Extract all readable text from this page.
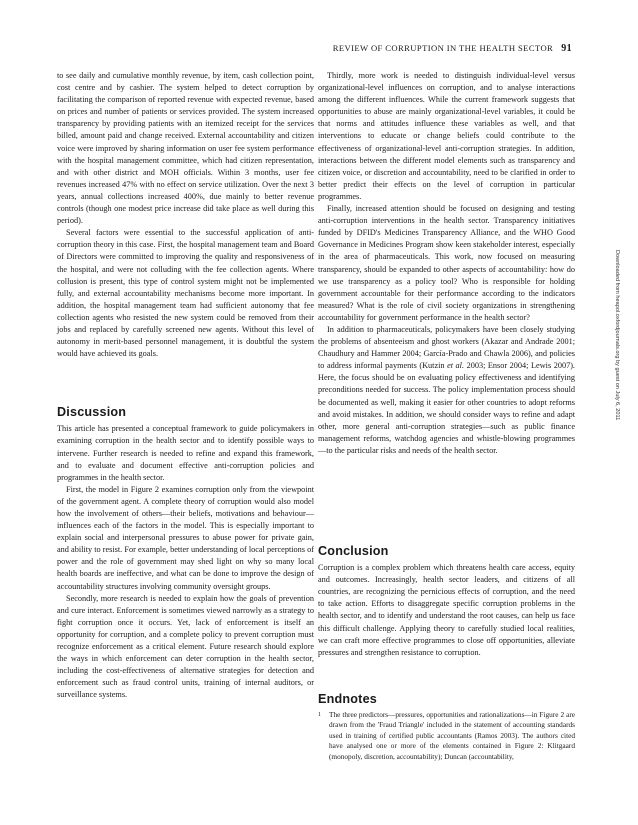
REVIEW OF CORRUPTION IN THE HEALTH SECTOR 91

to see daily and cumulative monthly revenue, by item, cash collection point, cost centre and by cashier. The system helped to detect corruption by facilitating the comparison of reported revenue with expected revenue, based on prices and number of patients or services provided. The system increased transparency by providing patients with an itemized receipt for the services billed, amount paid and change received. External accountability and citizen voice were improved by sharing information on user fee system performance with the hospital management committee, which had citizen representation, and with other district and MOH officials. Within 3 months, user fee revenues increased 47% with no effect on service utilization. Over the next 3 years, annual collections increased 400%, due mainly to better revenue controls (though one modest price increase did take place as well during this period).

Several factors were essential to the successful application of anti-corruption theory in this case. First, the hospital management team and Board of Directors were committed to improving the quality and responsiveness of the hospital, and were not colluding with the fee collection agents. Where collusion is present, this type of control system might not be implemented fully, and external accountability mechanisms become more important. In addition, the hospital management team had sufficient autonomy that fee collection agents who resisted the new system could be removed from their jobs and replaced by carefully screened new agents. Without this level of autonomy in merit-based personnel management, it is doubtful the system would have achieved its goals.

Discussion

This article has presented a conceptual framework to guide policymakers in examining corruption in the health sector and to identify possible ways to intervene. Further research is needed to refine and expand this framework, and to evaluate and document effective anti-corruption policies and programmes in the health sector.

First, the model in Figure 2 examines corruption only from the viewpoint of the government agent. A complete theory of corruption would also model how the involvement of others—their beliefs, motivations and behaviour—influences each of the factors in the model. This is especially important to explain social and interpersonal pressures to abuse power for private gain, and ability to resist. For example, better understanding of local perceptions of power and the role of government may shed light on why so many local health boards are ineffective, and what can be done to improve the design of accountability structures involving community oversight groups.

Secondly, more research is needed to explain how the goals of prevention and cure interact. Enforcement is sometimes viewed narrowly as a strategy to fight corruption once it occurs. Yet, lack of enforcement is itself an opportunity for corruption, and a complete policy to prevent corruption must recognize enforcement as a critical element. Future research should explore the ways in which enforcement can deter corruption in the health sector, including the cost-effectiveness of alternative strategies for detection and enforcement such as fraud control units, training of internal auditors, or surveillance systems.

Thirdly, more work is needed to distinguish individual-level versus organizational-level influences on corruption, and to analyse interactions among the different influences. While the current framework suggests that opportunities to abuse are mainly organizational-level variables, it could be that norms and attitudes influence these variables as well, and that interventions to educate or change beliefs could contribute to the effectiveness of organizational-level anti-corruption strategies. In addition, interactions between the different model elements such as transparency and citizen voice, or discretion and accountability, need to be clarified in order to better predict their effects on the level of corruption in particular programmes.

Finally, increased attention should be focused on designing and testing anti-corruption interventions in the health sector. Transparency initiatives funded by DFID's Medicines Transparency Alliance, and the WHO Good Governance in Medicines Program show keen stakeholder interest, especially in the area of pharmaceuticals. This work, now focused on measuring transparency, should be expanded to other aspects of accountability: how do we use transparency as a policy tool? Who is responsible for holding government accountable for their performance according to the indicators measured? What is the role of civil society organizations in strengthening accountability for government performance in the health sector?

In addition to pharmaceuticals, policymakers have been closely studying the problems of absenteeism and ghost workers (Akazar and Andrade 2001; Chaudhury and Hammer 2004; García-Prado and Chawla 2006), and policies to address informal payments (Kutzin et al. 2003; Ensor 2004; Lewis 2007). Here, the focus should be on evaluating policy effectiveness and identifying preconditions needed for success. The policy implementation process should be documented as well, making it easier for other countries to adopt reforms and avoid mistakes. In addition, we should consider ways to refine and adapt other, more general anti-corruption strategies—such as public finance management reforms, watchdog agencies and whistle-blowing programmes—to the particular risks and needs of the health sector.

Conclusion

Corruption is a complex problem which threatens health care access, equity and outcomes. Increasingly, health sector leaders, and citizens of all countries, are recognizing the pernicious effects of corruption, and the need to take action. Efforts to disaggregate specific corruption problems in the health sector, and to identify and understand the root causes, can help us face this difficult challenge. Applying theory to carefully studied local realities, we can craft more effective programmes to close off opportunities, alleviate pressures and strengthen resistance to corruption.

Endnotes
1	The three predictors—pressures, opportunities and rationalizations—in Figure 2 are drawn from the 'Fraud Triangle' included in the statement of accounting standards used in training of certified public accountants (Ramos 2003). The authors cited have analysed one or more of the elements contained in Figure 2: Klitgaard (monopoly, discretion, accountability); Duncan (accountability,
Downloaded from heapol.oxfordjournals.org by guest on July 6, 2011
